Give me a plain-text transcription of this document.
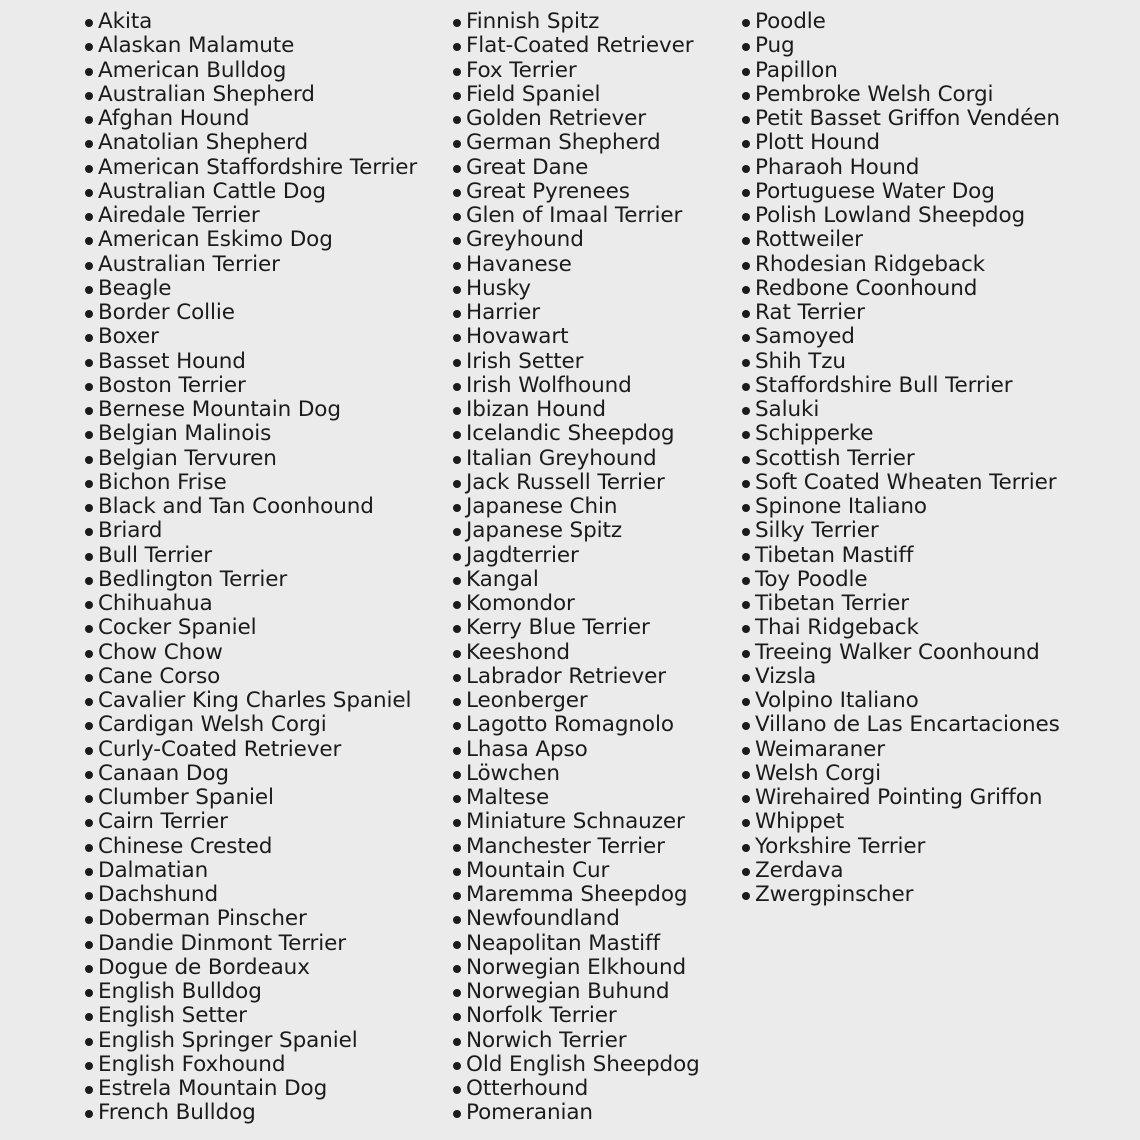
Akita
Alaskan Malamute
American Bulldog
Australian Shepherd
Afghan Hound
Anatolian Shepherd
American Staffordshire Terrier
Australian Cattle Dog
Airedale Terrier
American Eskimo Dog
Australian Terrier
Beagle
Border Collie
Boxer
Basset Hound
Boston Terrier
Bernese Mountain Dog
Belgian Malinois
Belgian Tervuren
Bichon Frise
Black and Tan Coonhound
Briard
Bull Terrier
Bedlington Terrier
Chihuahua
Cocker Spaniel
Chow Chow
Cane Corso
Cavalier King Charles Spaniel
Cardigan Welsh Corgi
Curly-Coated Retriever
Canaan Dog
Clumber Spaniel
Cairn Terrier
Chinese Crested
Dalmatian
Dachshund
Doberman Pinscher
Dandie Dinmont Terrier
Dogue de Bordeaux
English Bulldog
English Setter
English Springer Spaniel
English Foxhound
Estrela Mountain Dog
French Bulldog
Finnish Spitz
Flat-Coated Retriever
Fox Terrier
Field Spaniel
Golden Retriever
German Shepherd
Great Dane
Great Pyrenees
Glen of Imaal Terrier
Greyhound
Havanese
Husky
Harrier
Hovawart
Irish Setter
Irish Wolfhound
Ibizan Hound
Icelandic Sheepdog
Italian Greyhound
Jack Russell Terrier
Japanese Chin
Japanese Spitz
Jagdterrier
Kangal
Komondor
Kerry Blue Terrier
Keeshond
Labrador Retriever
Leonberger
Lagotto Romagnolo
Lhasa Apso
Löwchen
Maltese
Miniature Schnauzer
Manchester Terrier
Mountain Cur
Maremma Sheepdog
Newfoundland
Neapolitan Mastiff
Norwegian Elkhound
Norwegian Buhund
Norfolk Terrier
Norwich Terrier
Old English Sheepdog
Otterhound
Pomeranian
Poodle
Pug
Papillon
Pembroke Welsh Corgi
Petit Basset Griffon Vendéen
Plott Hound
Pharaoh Hound
Portuguese Water Dog
Polish Lowland Sheepdog
Rottweiler
Rhodesian Ridgeback
Redbone Coonhound
Rat Terrier
Samoyed
Shih Tzu
Staffordshire Bull Terrier
Saluki
Schipperke
Scottish Terrier
Soft Coated Wheaten Terrier
Spinone Italiano
Silky Terrier
Tibetan Mastiff
Toy Poodle
Tibetan Terrier
Thai Ridgeback
Treeing Walker Coonhound
Vizsla
Volpino Italiano
Villano de Las Encartaciones
Weimaraner
Welsh Corgi
Wirehaired Pointing Griffon
Whippet
Yorkshire Terrier
Zerdava
Zwergpinscher
